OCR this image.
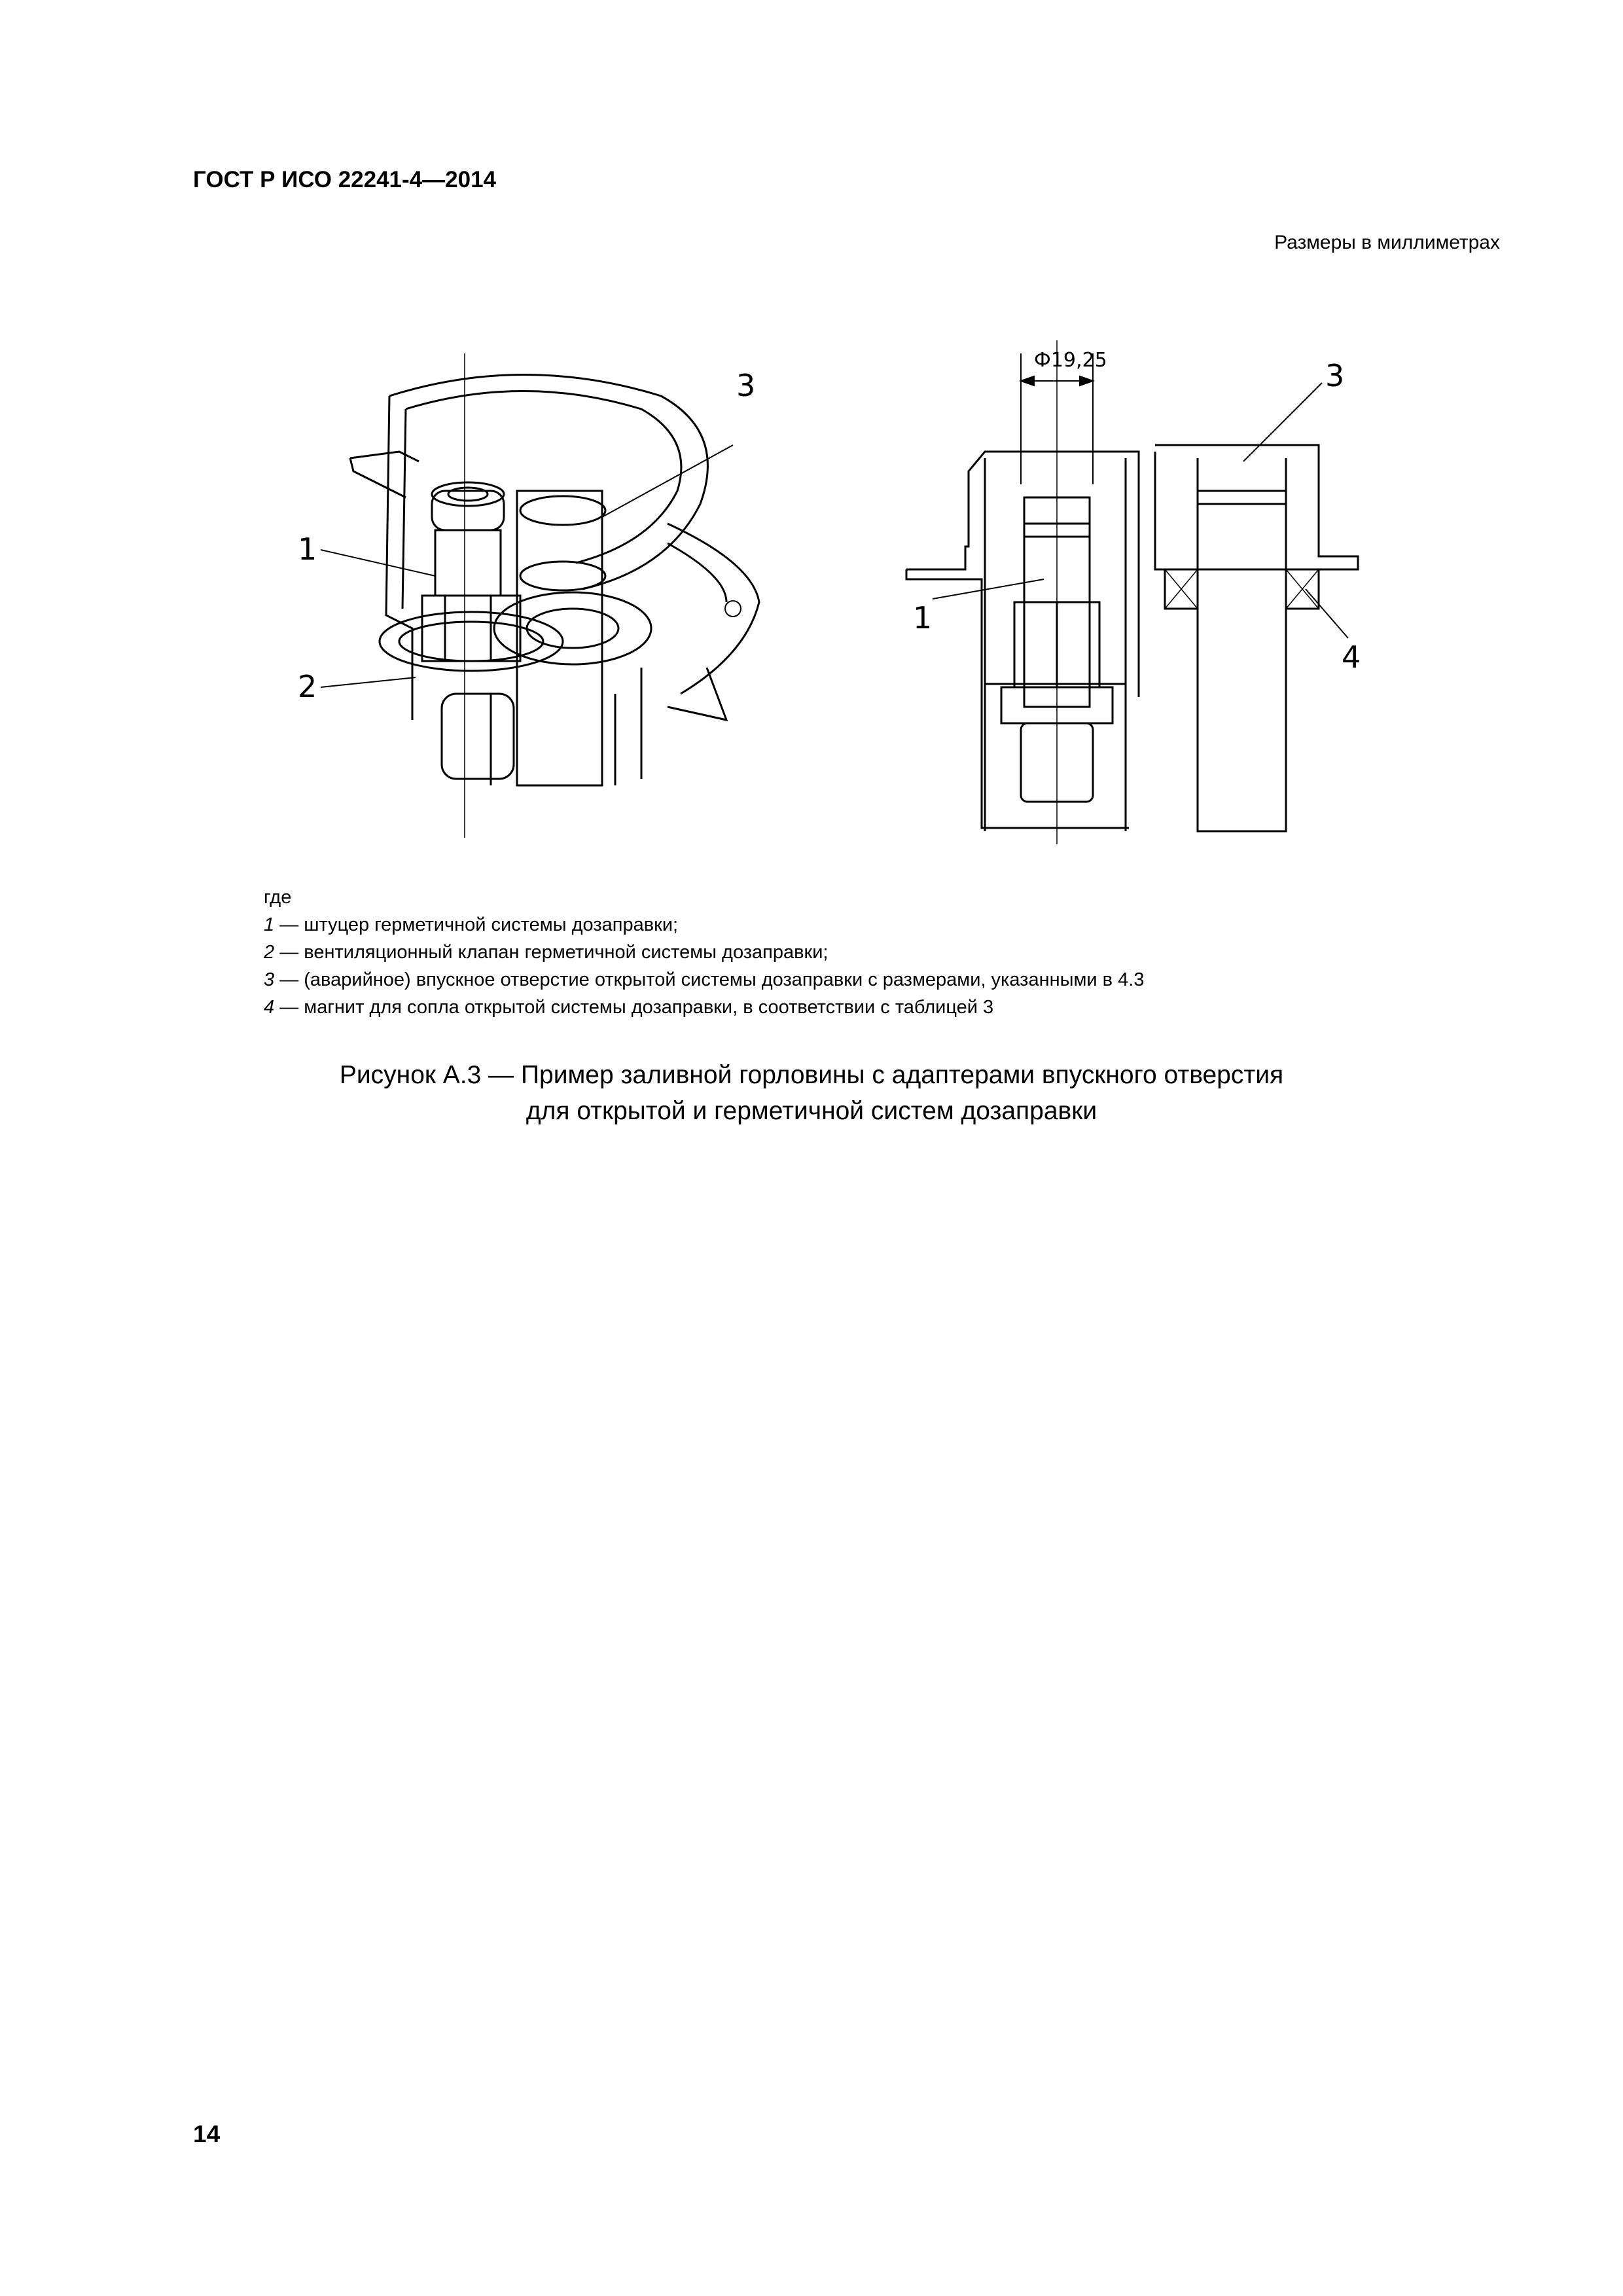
ГОСТ Р ИСО 22241-4—2014
Размеры в миллиметрах
1
2
3
Ф19,25
1
3
4
где
1 — штуцер герметичной системы дозаправки;
2 — вентиляционный клапан герметичной системы дозаправки;
3 — (аварийное) впускное отверстие открытой системы дозаправки с размерами, указанными в 4.3
4 — магнит для сопла открытой системы дозаправки, в соответствии с таблицей 3
Рисунок А.3 — Пример заливной горловины с адаптерами впускного отверстия
для открытой и герметичной систем дозаправки
14
